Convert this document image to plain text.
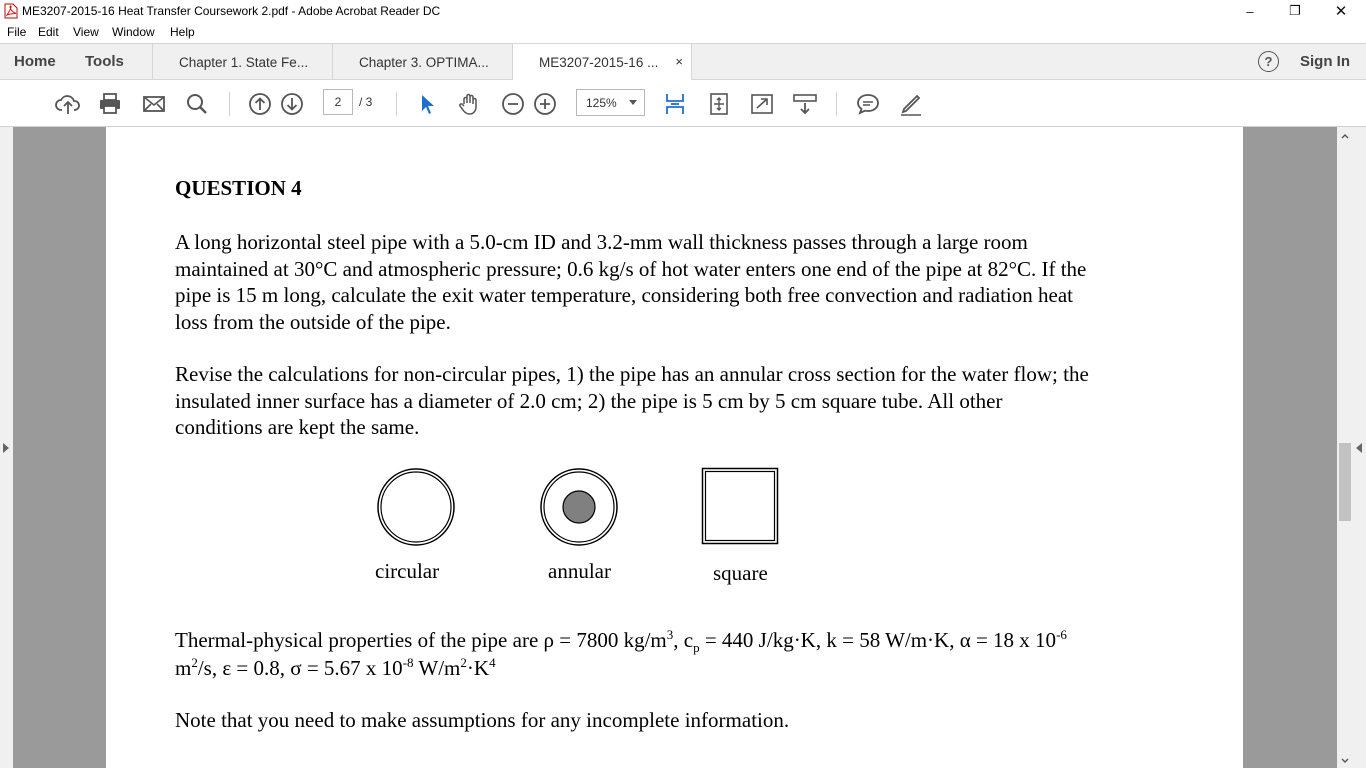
ME3207-2015-16 Heat Transfer Coursework 2.pdf - Adobe Acrobat Reader DC	–	❐	✕
File Edit View Window Help
Home Tools	Chapter 1. State Fe...	Chapter 3. OPTIMA...	ME3207-2015-16 ... ×	?	Sign In
2	/ 3	125%
QUESTION 4
A long horizontal steel pipe with a 5.0-cm ID and 3.2-mm wall thickness passes through a large room
maintained at 30°C and atmospheric pressure; 0.6 kg/s of hot water enters one end of the pipe at 82°C. If the
pipe is 15 m long, calculate the exit water temperature, considering both free convection and radiation heat
loss from the outside of the pipe.
Revise the calculations for non-circular pipes, 1) the pipe has an annular cross section for the water flow; the
insulated inner surface has a diameter of 2.0 cm; 2) the pipe is 5 cm by 5 cm square tube. All other
conditions are kept the same.
circular	annular	square
Thermal-physical properties of the pipe are ρ = 7800 $kg/m^3$, $c_p = 440$ J/kg·K, k = 58 W/m·K, α = 18 x $10^{-6}$
$m^2/s$, ε = 0.8, σ = 5.67 x $10^{-8}$ $W/m^2\cdot K^4$
Note that you need to make assumptions for any incomplete information.
